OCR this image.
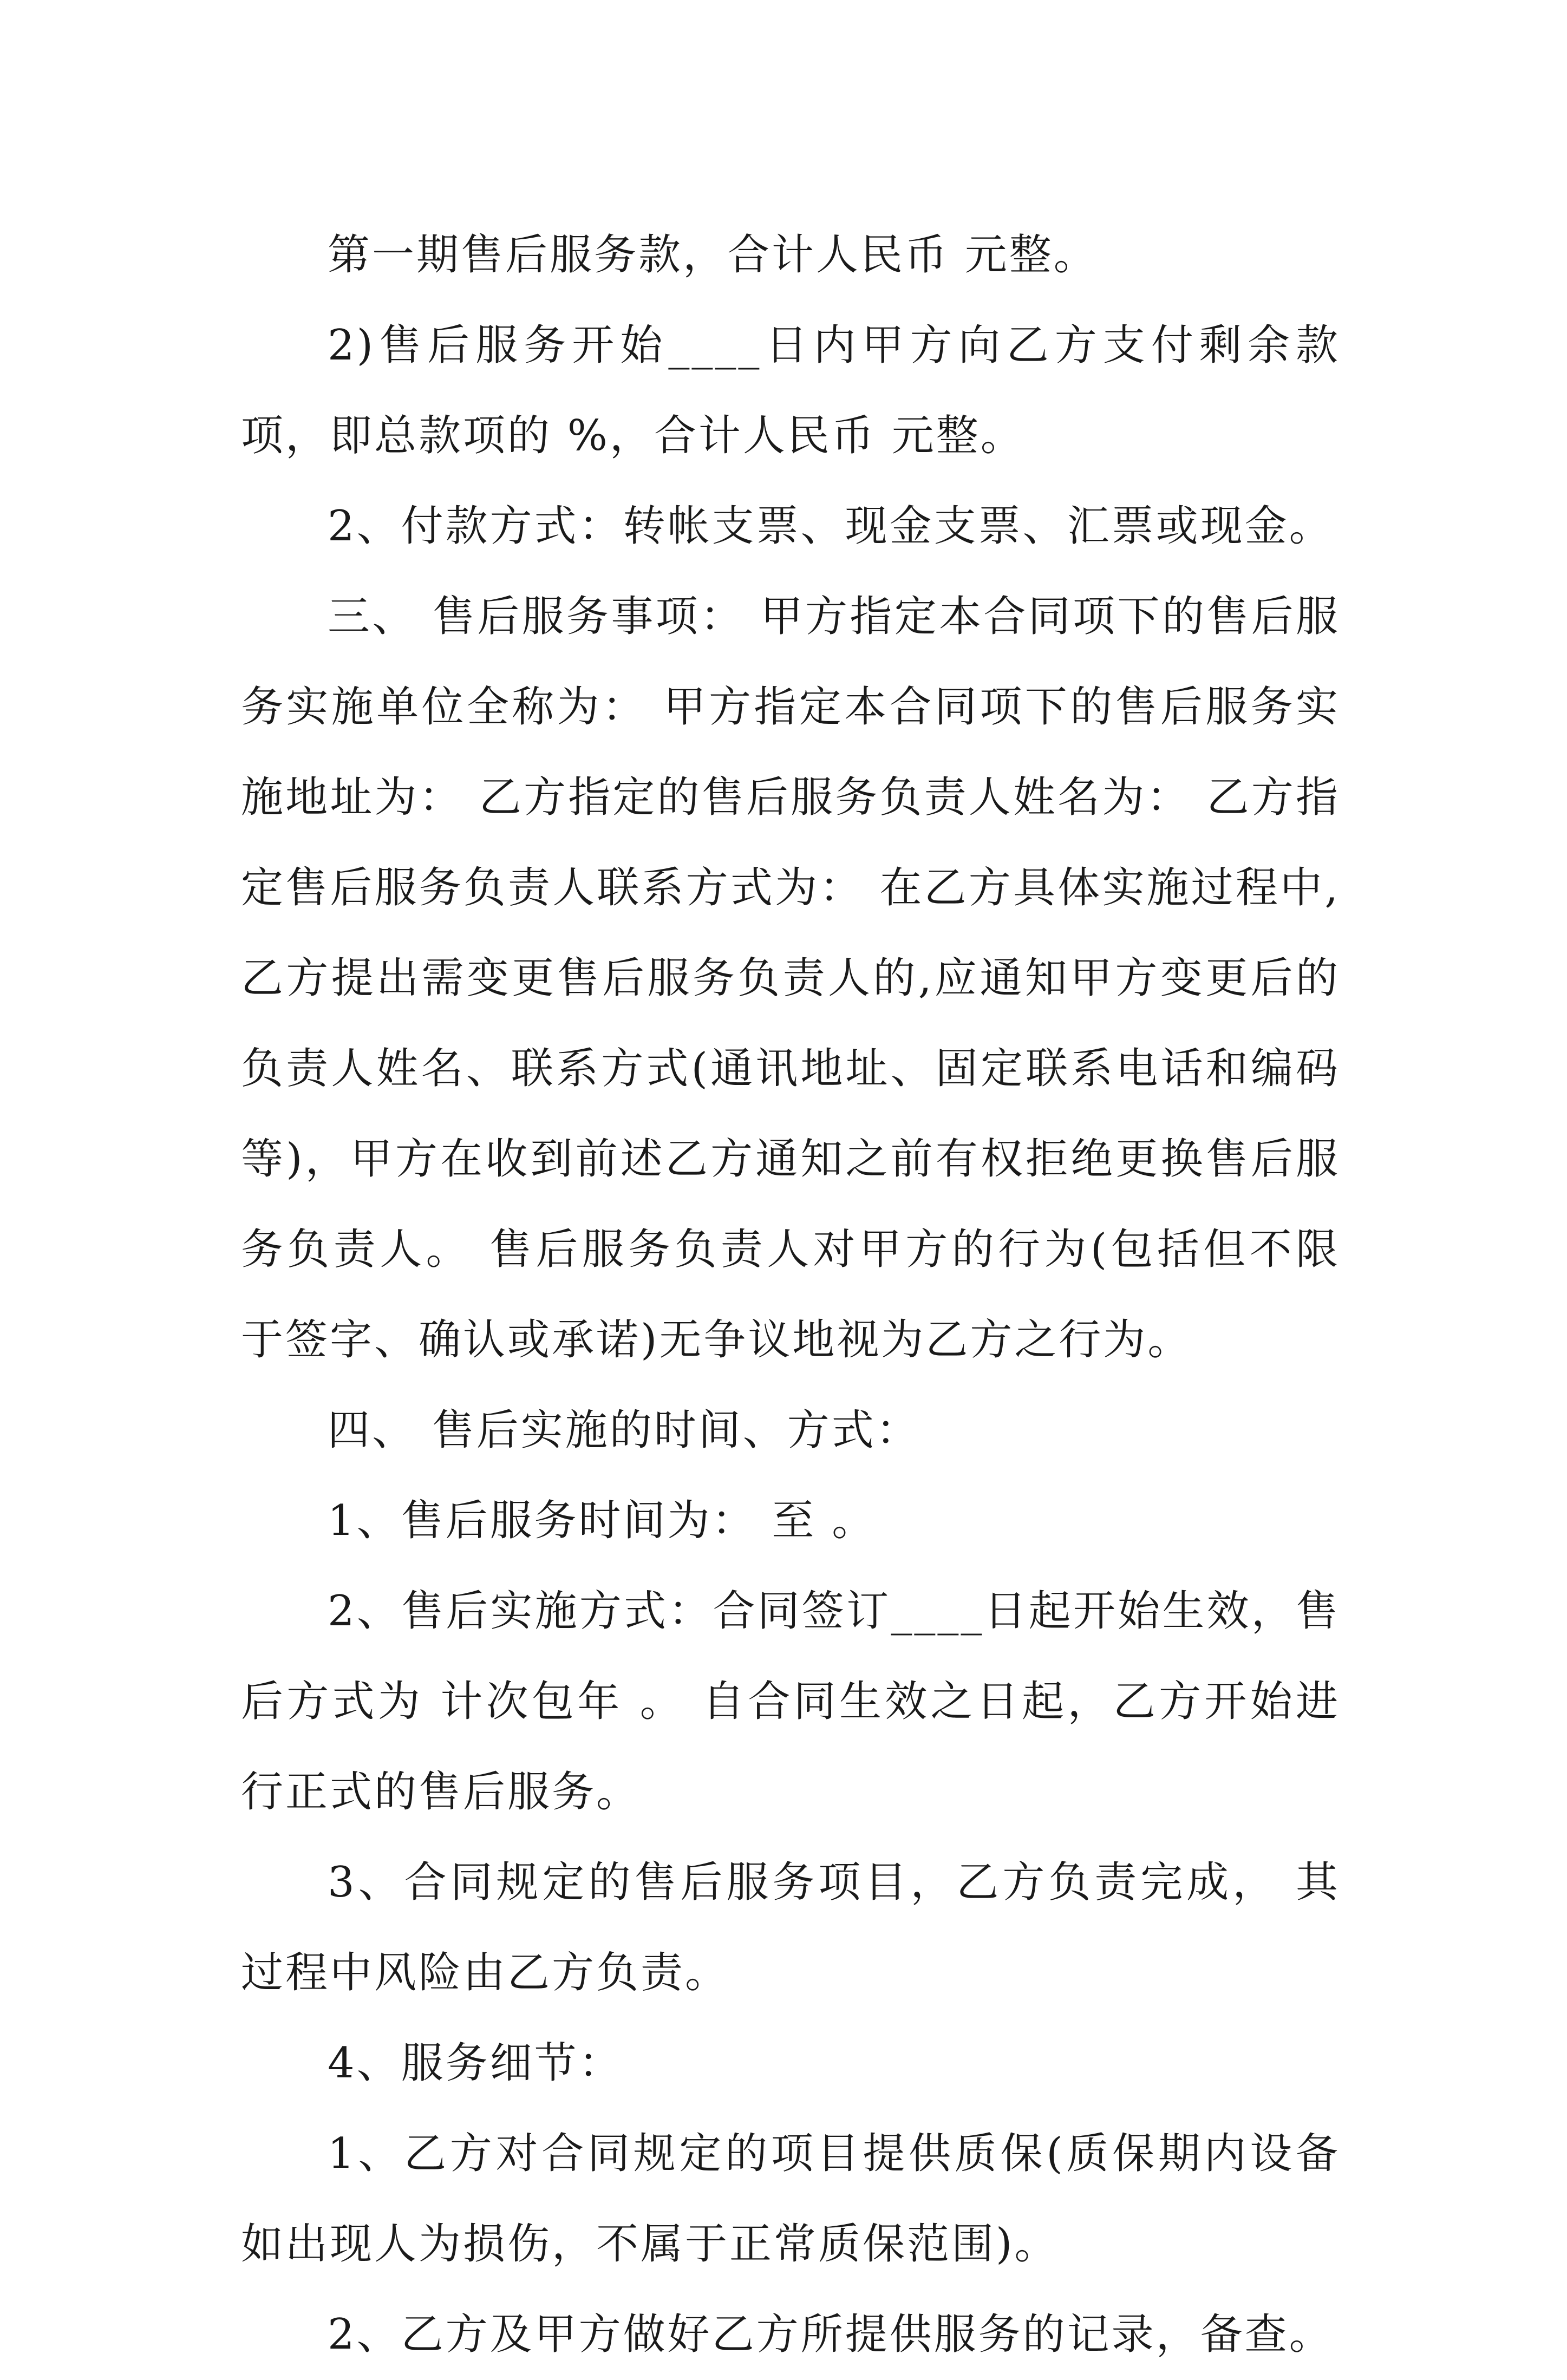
第一期售后服务款，合计人民币 元整。

2)售后服务开始____日内甲方向乙方支付剩余款项，即总款项的 %，合计人民币 元整。

2、付款方式：转帐支票、现金支票、汇票或现金。

三、 售后服务事项： 甲方指定本合同项下的售后服务实施单位全称为： 甲方指定本合同项下的售后服务实施地址为： 乙方指定的售后服务负责人姓名为： 乙方指定售后服务负责人联系方式为： 在乙方具体实施过程中,乙方提出需变更售后服务负责人的,应通知甲方变更后的负责人姓名、联系方式(通讯地址、固定联系电话和编码等)，甲方在收到前述乙方通知之前有权拒绝更换售后服务负责人。 售后服务负责人对甲方的行为(包括但不限于签字、确认或承诺)无争议地视为乙方之行为。

四、 售后实施的时间、方式：

1、售后服务时间为： 至 。

2、售后实施方式：合同签订____日起开始生效，售后方式为 计次包年 。 自合同生效之日起，乙方开始进行正式的售后服务。

3、合同规定的售后服务项目，乙方负责完成， 其过程中风险由乙方负责。

4、服务细节：

1、乙方对合同规定的项目提供质保(质保期内设备如出现人为损伤，不属于正常质保范围)。

2、乙方及甲方做好乙方所提供服务的记录，备查。
